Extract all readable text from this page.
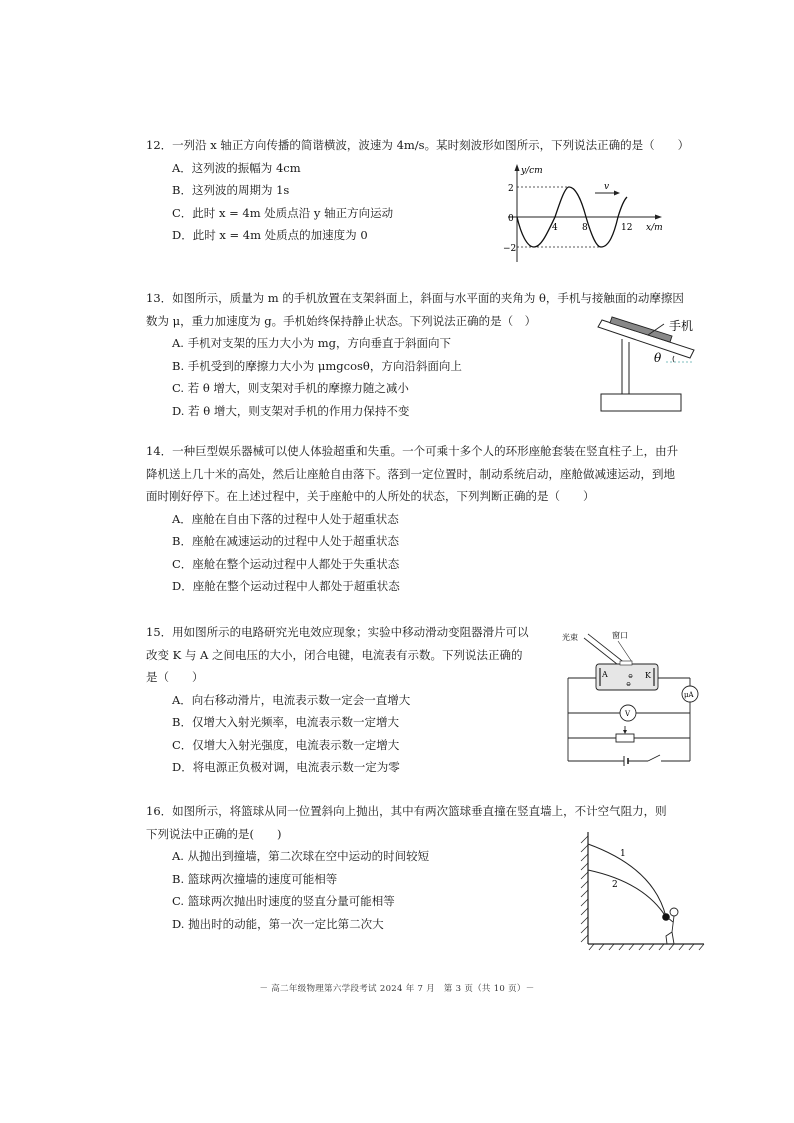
12．一列沿 x 轴正方向传播的简谐横波，波速为 4m/s。某时刻波形如图所示，下列说法正确的是（　　）

A．这列波的振幅为 4cm

B．这列波的周期为 1s

C．此时 x = 4m 处质点沿 y 轴正方向运动

D．此时 x = 4m 处质点的加速度为 0

y/cm
x/m
2
0
−2
4	8	12
v

13．如图所示，质量为 m 的手机放置在支架斜面上，斜面与水平面的夹角为 θ，手机与接触面的动摩擦因

数为 μ，重力加速度为 g。手机始终保持静止状态。下列说法正确的是（　）

A. 手机对支架的压力大小为 mg，方向垂直于斜面向下

B. 手机受到的摩擦力大小为 μmgcosθ，方向沿斜面向上

C. 若 θ 增大，则支架对手机的摩擦力随之减小

D. 若 θ 增大，则支架对手机的作用力保持不变

手机
θ

14．一种巨型娱乐器械可以使人体验超重和失重。一个可乘十多个人的环形座舱套装在竖直柱子上，由升

降机送上几十米的高处，然后让座舱自由落下。落到一定位置时，制动系统启动，座舱做减速运动，到地

面时刚好停下。在上述过程中，关于座舱中的人所处的状态，下列判断正确的是（　　）

A．座舱在自由下落的过程中人处于超重状态

B．座舱在减速运动的过程中人处于超重状态

C．座舱在整个运动过程中人都处于失重状态

D．座舱在整个运动过程中人都处于超重状态

15．用如图所示的电路研究光电效应现象；实验中移动滑动变阻器滑片可以

改变 K 与 A 之间电压的大小，闭合电键，电流表有示数。下列说法正确的

是（　　）

A．向右移动滑片，电流表示数一定会一直增大

B．仅增大入射光频率，电流表示数一定增大

C．仅增大入射光强度，电流表示数一定增大

D．将电源正负极对调，电流表示数一定为零

光束	窗口
A	K
⊖
⊖
μA
V

16．如图所示，将篮球从同一位置斜向上抛出，其中有两次篮球垂直撞在竖直墙上，不计空气阻力，则

下列说法中正确的是(　　)

A. 从抛出到撞墙，第二次球在空中运动的时间较短

B. 篮球两次撞墙的速度可能相等

C. 篮球两次抛出时速度的竖直分量可能相等

D. 抛出时的动能，第一次一定比第二次大

1
2
－ 高二年级物理第六学段考试 2024 年 7 月　第 3 页（共 10 页）－
